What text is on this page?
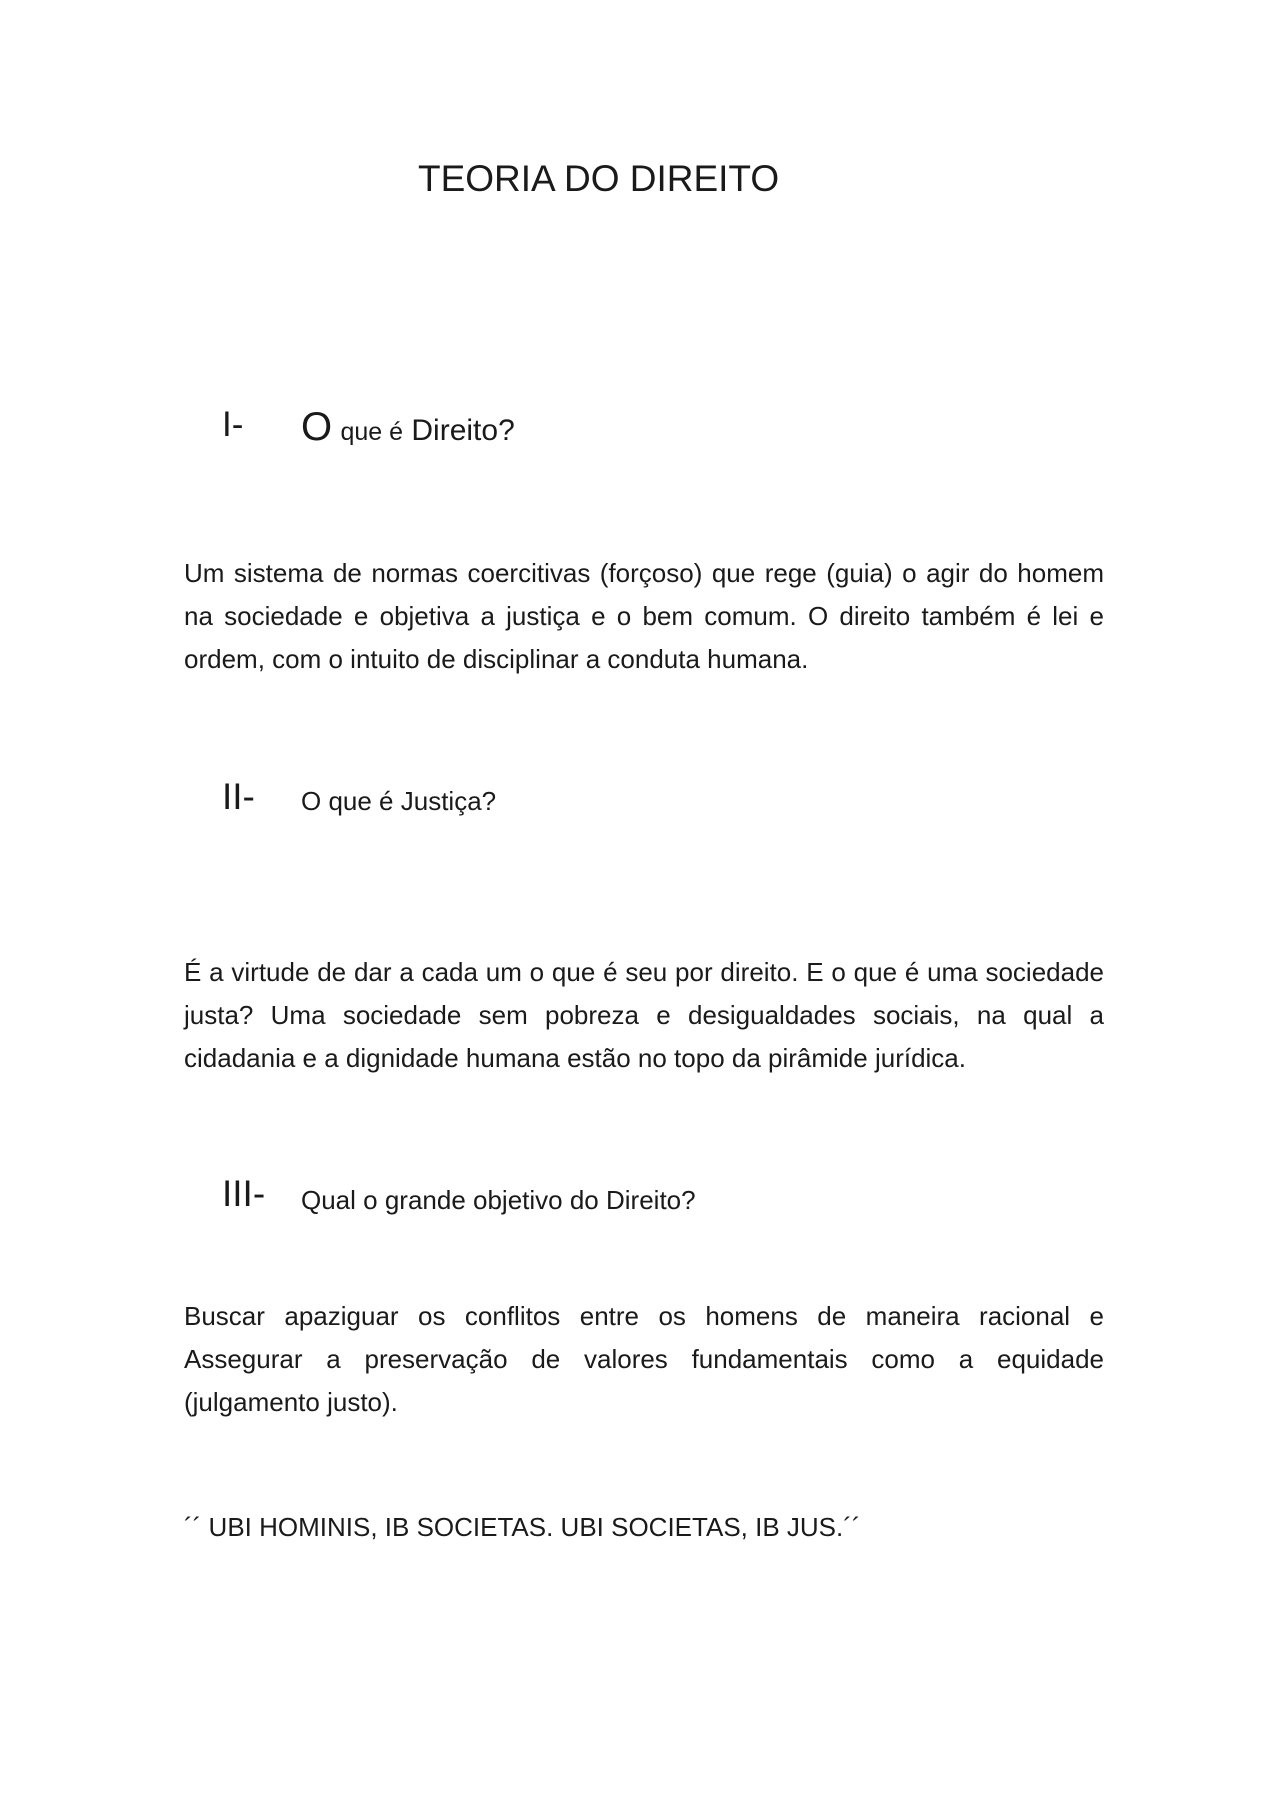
TEORIA DO DIREITO
I- O que é Direito?

Um sistema de normas coercitivas (forçoso) que rege (guia) o agir do homem na sociedade e objetiva a justiça e o bem comum. O direito também é lei e ordem, com o intuito de disciplinar a conduta humana.

II- O que é Justiça?

É a virtude de dar a cada um o que é seu por direito. E o que é uma sociedade justa? Uma sociedade sem pobreza e desigualdades sociais, na qual a cidadania e a dignidade humana estão no topo da pirâmide jurídica.

III- Qual o grande objetivo do Direito?

Buscar apaziguar os conflitos entre os homens de maneira racional e Assegurar a preservação de valores fundamentais como a equidade (julgamento justo).

´´ UBI HOMINIS, IB SOCIETAS. UBI SOCIETAS, IB JUS.´´
